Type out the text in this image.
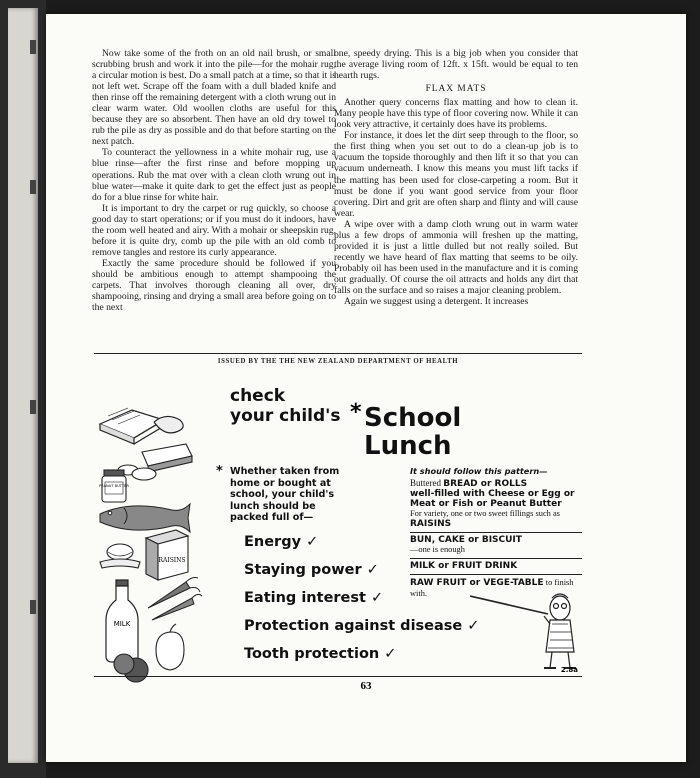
Now take some of the froth on an old nail brush, or small scrubbing brush and work it into the pile—for the mohair rug, a circular motion is best. Do a small patch at a time, so that it is not left wet. Scrape off the foam with a dull bladed knife and then rinse off the remaining detergent with a cloth wrung out in clear warm water. Old woollen cloths are useful for this because they are so absorbent. Then have an old dry towel to rub the pile as dry as possible and do that before starting on the next patch.

To counteract the yellowness in a white mohair rug, use a blue rinse—after the first rinse and before mopping up operations. Rub the mat over with a clean cloth wrung out in blue water—make it quite dark to get the effect just as people do for a blue rinse for white hair.

It is important to dry the carpet or rug quickly, so choose a good day to start operations; or if you must do it indoors, have the room well heated and airy. With a mohair or sheepskin rug, before it is quite dry, comb up the pile with an old comb to remove tangles and restore its curly appearance.

Exactly the same procedure should be followed if you should be ambitious enough to attempt shampooing the carpets. That involves thorough cleaning all over, dry shampooing, rinsing and drying a small area before going on to the next

one, speedy drying. This is a big job when you consider that the average living room of 12ft. x 15ft. would be equal to ten hearth rugs.

FLAX MATS

Another query concerns flax matting and how to clean it. Many people have this type of floor covering now. While it can look very attractive, it certainly does have its problems.

For instance, it does let the dirt seep through to the floor, so the first thing when you set out to do a clean-up job is to vacuum the topside thoroughly and then lift it so that you can vacuum underneath. I know this means you must lift tacks if the matting has been used for close-carpeting a room. But it must be done if you want good service from your floor covering. Dirt and grit are often sharp and flinty and will cause wear.

A wipe over with a damp cloth wrung out in warm water plus a few drops of ammonia will freshen up the matting, provided it is just a little dulled but not really soiled. But recently we have heard of flax matting that seems to be oily. Probably oil has been used in the manufacture and it is coming out gradually. Of course the oil attracts and holds any dirt that falls on the surface and so raises a major cleaning problem.

Again we suggest using a detergent. It increases

ISSUED BY THE THE NEW ZEALAND DEPARTMENT OF HEALTH
PEANUT BUTTER
RAISINS
MILK
check
your child's * School
Lunch
* Whether taken from
home or bought at
school, your child's
lunch should be
packed full of—
Energy ✓
Staying power ✓
Eating interest ✓
Protection against disease ✓
Tooth protection ✓
It should follow this pattern—
Buttered BREAD or ROLLS
well-filled with Cheese or Egg or Meat or Fish or Peanut Butter
For variety, one or two sweet fillings such as RAISINS
BUN, CAKE or BISCUIT
—one is enough
MILK or FRUIT DRINK
RAW FRUIT or VEGE-TABLE to finish with.
2.8a
63
